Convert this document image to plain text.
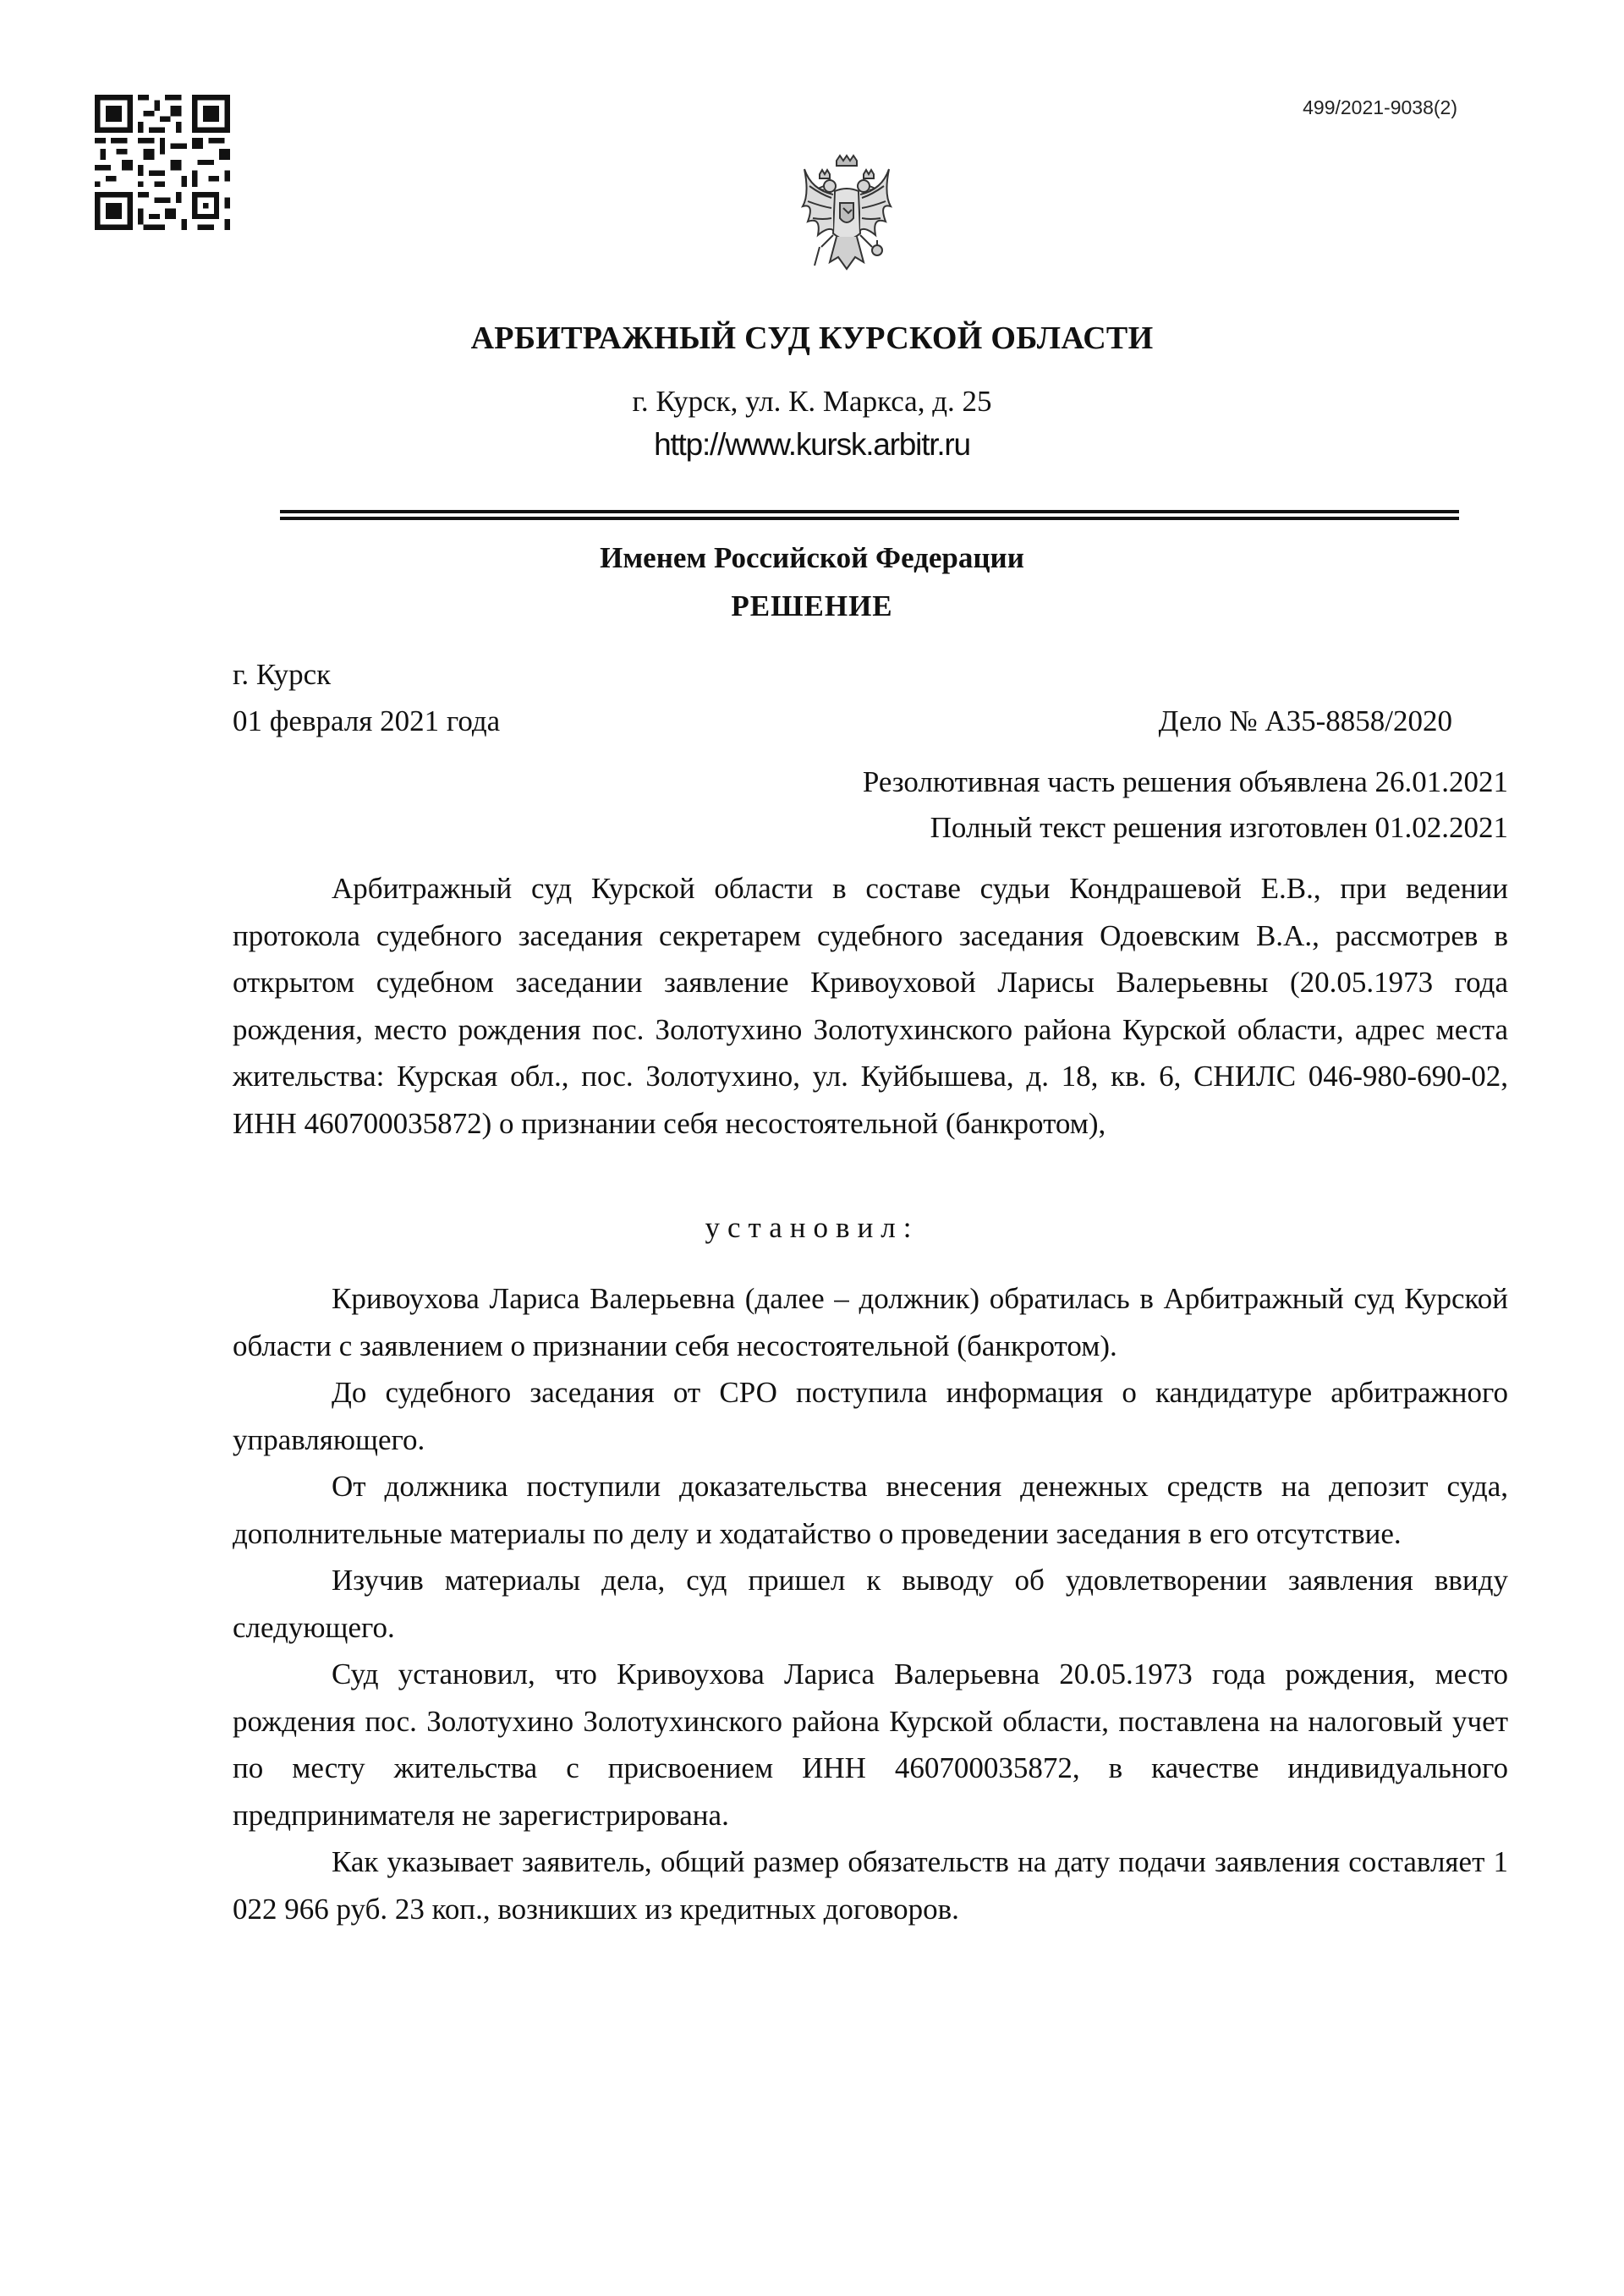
499/2021-9038(2)
АРБИТРАЖНЫЙ СУД КУРСКОЙ ОБЛАСТИ
г. Курск, ул. К. Маркса, д. 25
http://www.kursk.arbitr.ru
Именем Российской Федерации
РЕШЕНИЕ
г. Курск
01 февраля 2021 года	Дело № А35-8858/2020
Резолютивная часть решения объявлена 26.01.2021
Полный текст решения изготовлен 01.02.2021

Арбитражный суд Курской области в составе судьи Кондрашевой Е.В., при ведении протокола судебного заседания секретарем судебного заседания Одоевским В.А., рассмотрев в открытом судебном заседании заявление Кривоуховой Ларисы Валерьевны (20.05.1973 года рождения, место рождения пос. Золотухино Золотухинского района Курской области, адрес места жительства: Курская обл., пос. Золотухино, ул. Куйбышева, д. 18, кв. 6, СНИЛС 046-980-690-02, ИНН 460700035872) о признании себя несостоятельной (банкротом),

установил:

Кривоухова Лариса Валерьевна (далее – должник) обратилась в Арбитражный суд Курской области с заявлением о признании себя несостоятельной (банкротом).

До судебного заседания от СРО поступила информация о кандидатуре арбитражного управляющего.

От должника поступили доказательства внесения денежных средств на депозит суда, дополнительные материалы по делу и ходатайство о проведении заседания в его отсутствие.

Изучив материалы дела, суд пришел к выводу об удовлетворении заявления ввиду следующего.

Суд установил, что Кривоухова Лариса Валерьевна 20.05.1973 года рождения, место рождения пос. Золотухино Золотухинского района Курской области, поставлена на налоговый учет по месту жительства с присвоением ИНН 460700035872, в качестве индивидуального предпринимателя не зарегистрирована.

Как указывает заявитель, общий размер обязательств на дату подачи заявления составляет 1 022 966 руб. 23 коп., возникших из кредитных договоров.
